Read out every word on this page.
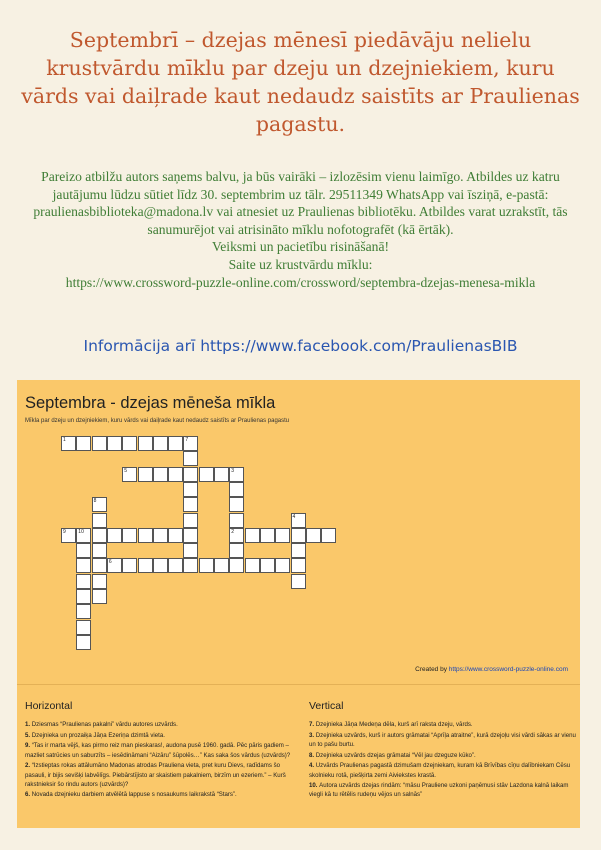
Septembrī – dzejas mēnesī piedāvāju nelielu krustvārdu mīklu par dzeju un dzejniekiem, kuru vārds vai daiļrade kaut nedaudz saistīts ar Praulienas pagastu.

Pareizo atbilžu autors saņems balvu, ja būs vairāki – izlozēsim vienu laimīgo. Atbildes uz katru jautājumu lūdzu sūtiet līdz 30. septembrim uz tālr. 29511349 WhatsApp vai īsziņā, e-pastā: praulienasbiblioteka@madona.lv vai atnesiet uz Praulienas bibliotēku. Atbildes varat uzrakstīt, tās sanumurējot vai atrisināto mīklu nofotografēt (kā ērtāk).

Veiksmi un pacietību risināšanā!

Saite uz krustvārdu mīklu:

https://www.crossword-puzzle-online.com/crossword/septembra-dzejas-menesa-mikla

Informācija arī https://www.facebook.com/PraulienasBIB

Septembra - dzejas mēneša mīkla
Mīkla par dzeju un dzejniekiem, kuru vārds vai daiļrade kaut nedaudz saistīts ar Praulienas pagastu
1	7
5	3
2
8
4
9	10
6
Created by https://www.crossword-puzzle-online.com
Horizontal
1. Dziesmas “Praulienas pakalni” vārdu autores uzvārds.
5. Dzejnieka un prozaiķa Jāņa Ezeriņa dzimtā vieta.
9. “Tas ir marta vējš, kas pirmo reiz man pieskaras!, audona pusē 1960. gadā. Pēc pāris gadiem – mazliet satrūcies un saburzīts – iesēdināmani “Aizāru” šūpolēs…” Kas saka šos vārdus (uzvārds)?
2. “Izstieptas rokas attālumāno Madonas atrodas Praulienа vieta, pret kuru Dievs, radīdams šo pasauli, ir bijis sevišķi labvēlīgs. Piebārstījisto ar skaistiem pakalniem, birzīm un ezeriem.” – Kurš rakstnieksir šo rindu autors (uzvārds)?
6. Novada dzejnieku darbiem atvēlētā lappuse s nosaukums laikrakstā “Stars”.
Vertical
7. Dzejnieka Jāņa Medeņa dēla, kurš arī raksta dzeju, vārds.
3. Dzejnieka uzvārds, kurš ir autors grāmatai “Aprīļa atraitne”, kurā dzejoļu visi vārdi sākas ar vienu un to pašu burtu.
8. Dzejnieka uzvārds dzejas grāmatai “Vēl jau dzeguze kūko”.
4. Uzvārds Praulienas pagastā dzimušam dzejniekam, kuram kā Brīvības cīņu dalībniekam Cēsu skolnieku rotā, piešķirta zemi Aiviekstes krastā.
10. Autora uzvārds dzejas rindām: “māsu Prauliene uzkoni paņēmusi stāv Lazdona kalnā laikam viegli kā tu rētēlis rudeņu vējos un salnās”
